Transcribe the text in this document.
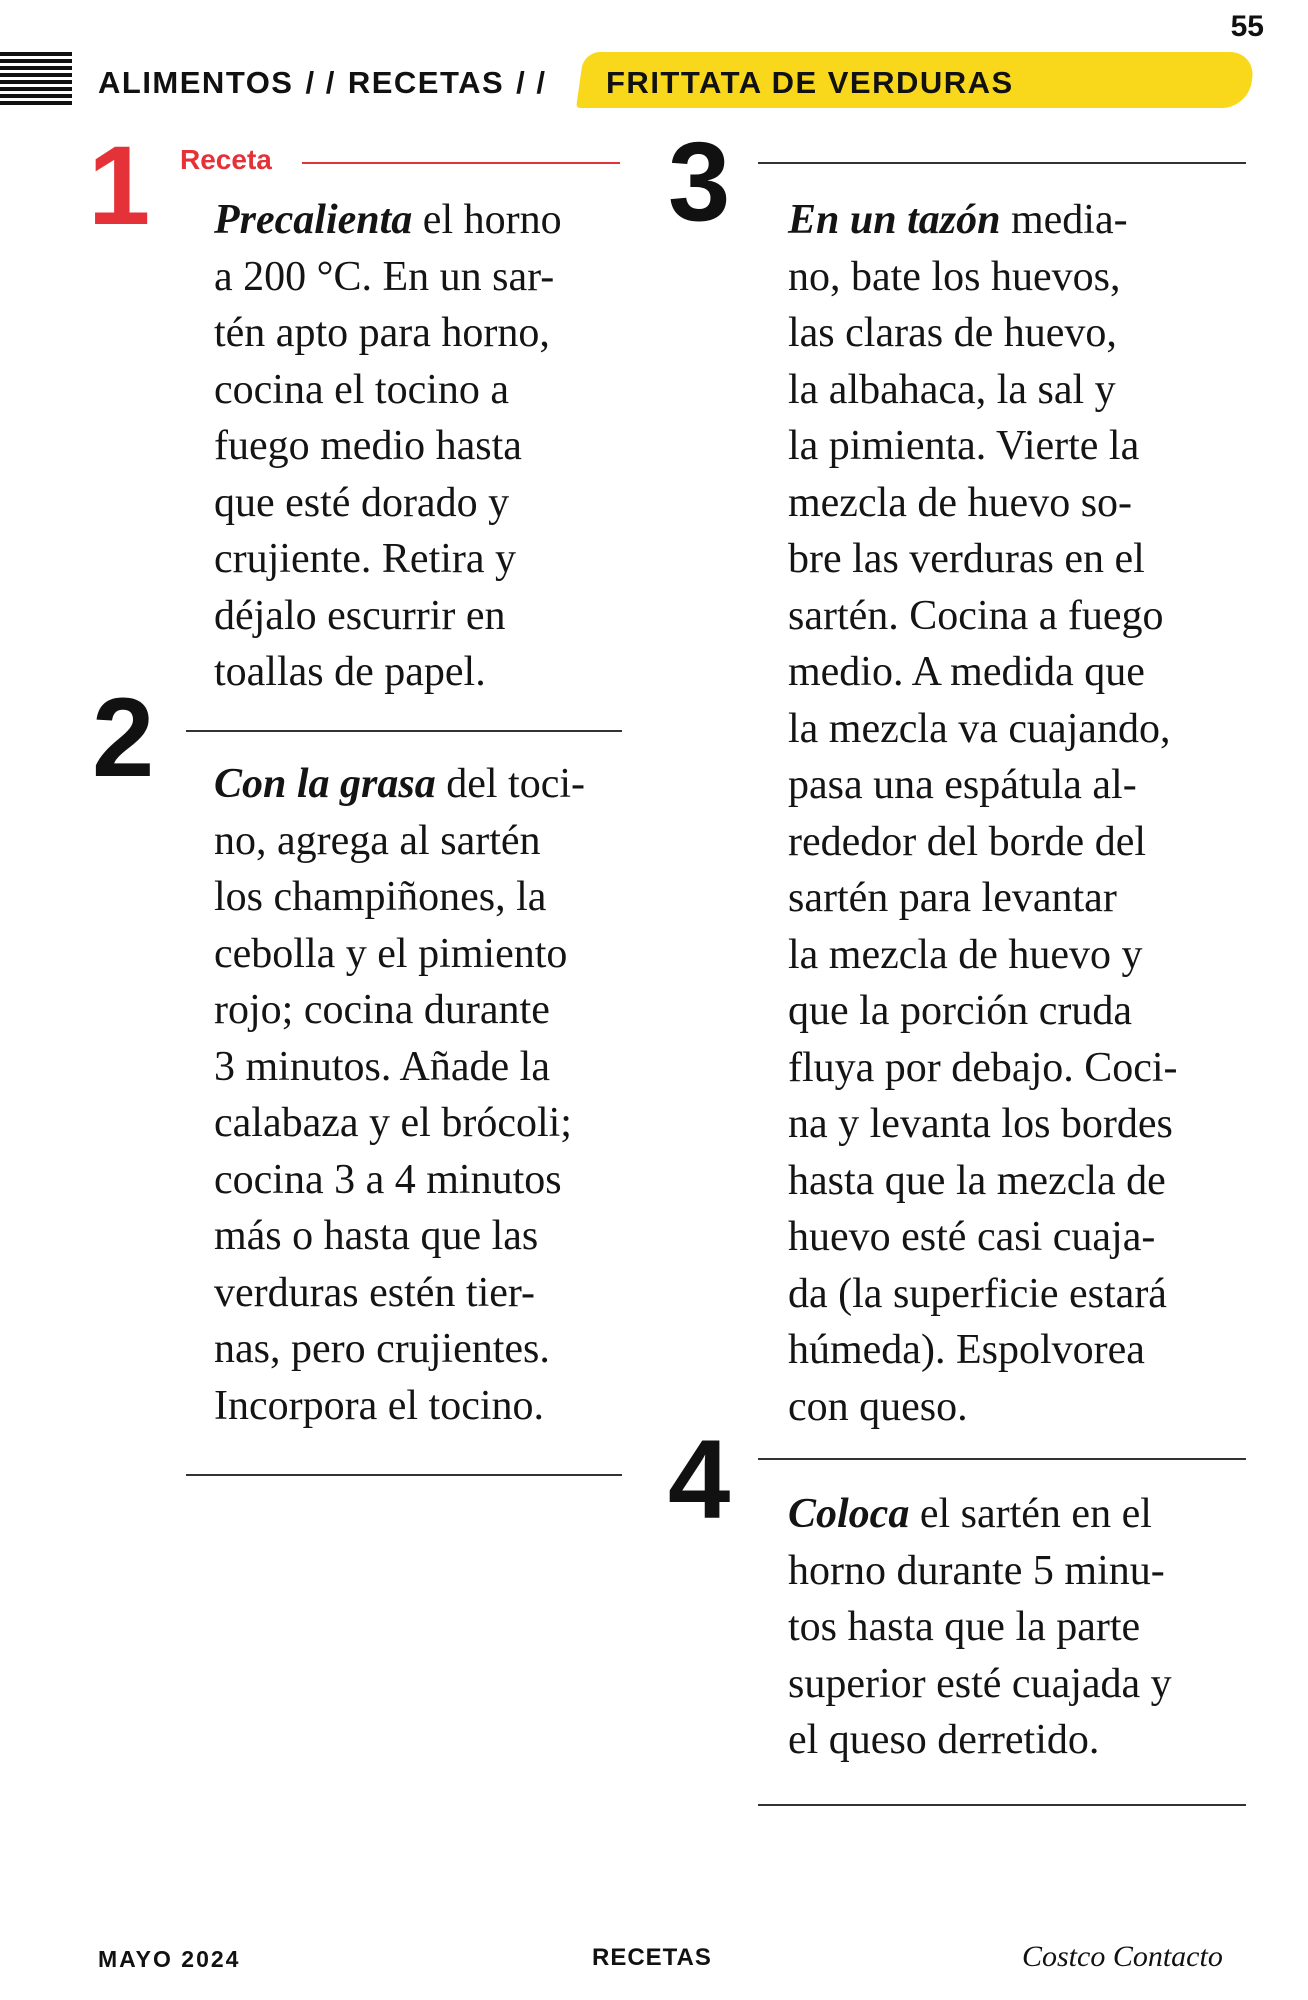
55
ALIMENTOS / / RECETAS / / FRITTATA DE VERDURAS
1 Receta
Precalienta el horno
a 200 °C. En un sar-
tén apto para horno,
cocina el tocino a
fuego medio hasta
que esté dorado y
crujiente. Retira y
déjalo escurrir en
toallas de papel.
2 Con la grasa del toci-
no, agrega al sartén
los champiñones, la
cebolla y el pimiento
rojo; cocina durante
3 minutos. Añade la
calabaza y el brócoli;
cocina 3 a 4 minutos
más o hasta que las
verduras estén tier-
nas, pero crujientes.
Incorpora el tocino.
3 En un tazón media-
no, bate los huevos,
las claras de huevo,
la albahaca, la sal y
la pimienta. Vierte la
mezcla de huevo so-
bre las verduras en el
sartén. Cocina a fuego
medio. A medida que
la mezcla va cuajando,
pasa una espátula al-
rededor del borde del
sartén para levantar
la mezcla de huevo y
que la porción cruda
fluya por debajo. Coci-
na y levanta los bordes
hasta que la mezcla de
huevo esté casi cuaja-
da (la superficie estará
húmeda). Espolvorea
con queso.
4 Coloca el sartén en el
horno durante 5 minu-
tos hasta que la parte
superior esté cuajada y
el queso derretido.
MAYO 2024	RECETAS	Costco Contacto
